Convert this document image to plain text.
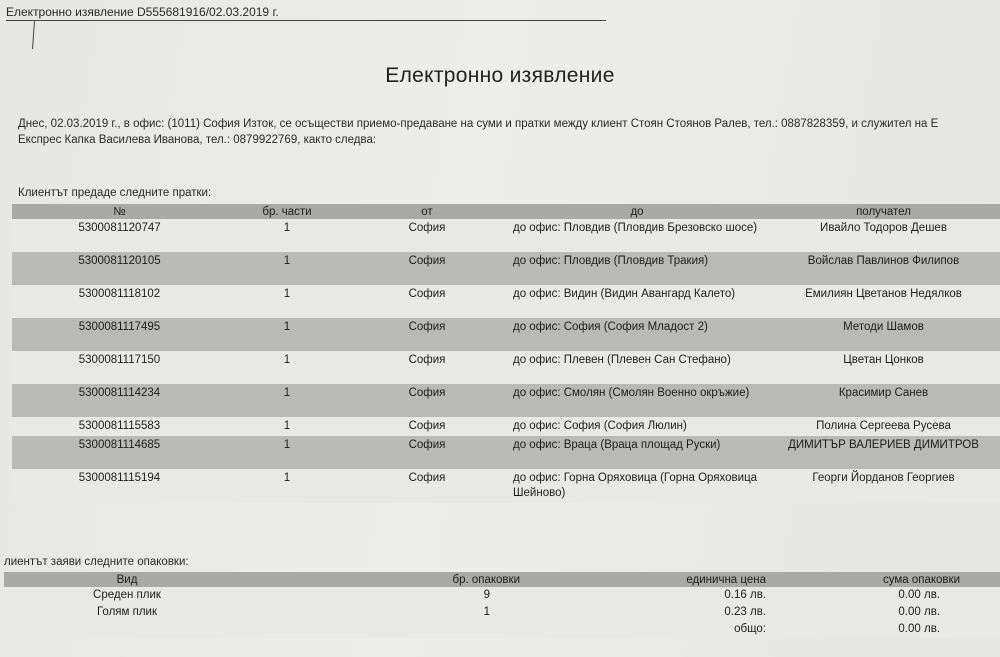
Електронно изявление D555681916/02.03.2019 г.
Електронно изявление

Днес, 02.03.2019 г., в офис: (1011) София Изток, се осъществи приемо-предаване на суми и пратки между клиент Стоян Стоянов Ралев, тел.: 0887828359, и служител на Е

Експрес Капка Василева Иванова, тел.: 0879922769, както следва:

Клиентът предаде следните пратки:
№	бр. части	от	до	получател
5300081120747	1	София	до офис: Пловдив (Пловдив Брезовско шосе)	Ивайло Тодоров Дешев
5300081120105	1	София	до офис: Пловдив (Пловдив Тракия)	Войслав Павлинов Филипов
5300081118102	1	София	до офис: Видин (Видин Авангард Калето)	Емилиян Цветанов Недялков
5300081117495	1	София	до офис: София (София Младост 2)	Методи Шамов
5300081117150	1	София	до офис: Плевен (Плевен Сан Стефано)	Цветан Цонков
5300081114234	1	София	до офис: Смолян (Смолян Военно окръжие)	Красимир Санев
5300081115583	1	София	до офис: София (София Люлин)	Полина Сергеева Русева
5300081114685	1	София	до офис: Враца (Враца площад Руски)	ДИМИТЪР ВАЛЕРИЕВ ДИМИТРОВ
5300081115194	1	София	до офис: Горна Оряховица (Горна Оряховица Шейново)	Георги Йорданов Георгиев
лиентът заяви следните опаковки:
Вид	бр. опаковки	единична цена	сума опаковки
Среден плик	9	0.16 лв.	0.00 лв.
Голям плик	1	0.23 лв.	0.00 лв.
		общо:	0.00 лв.
